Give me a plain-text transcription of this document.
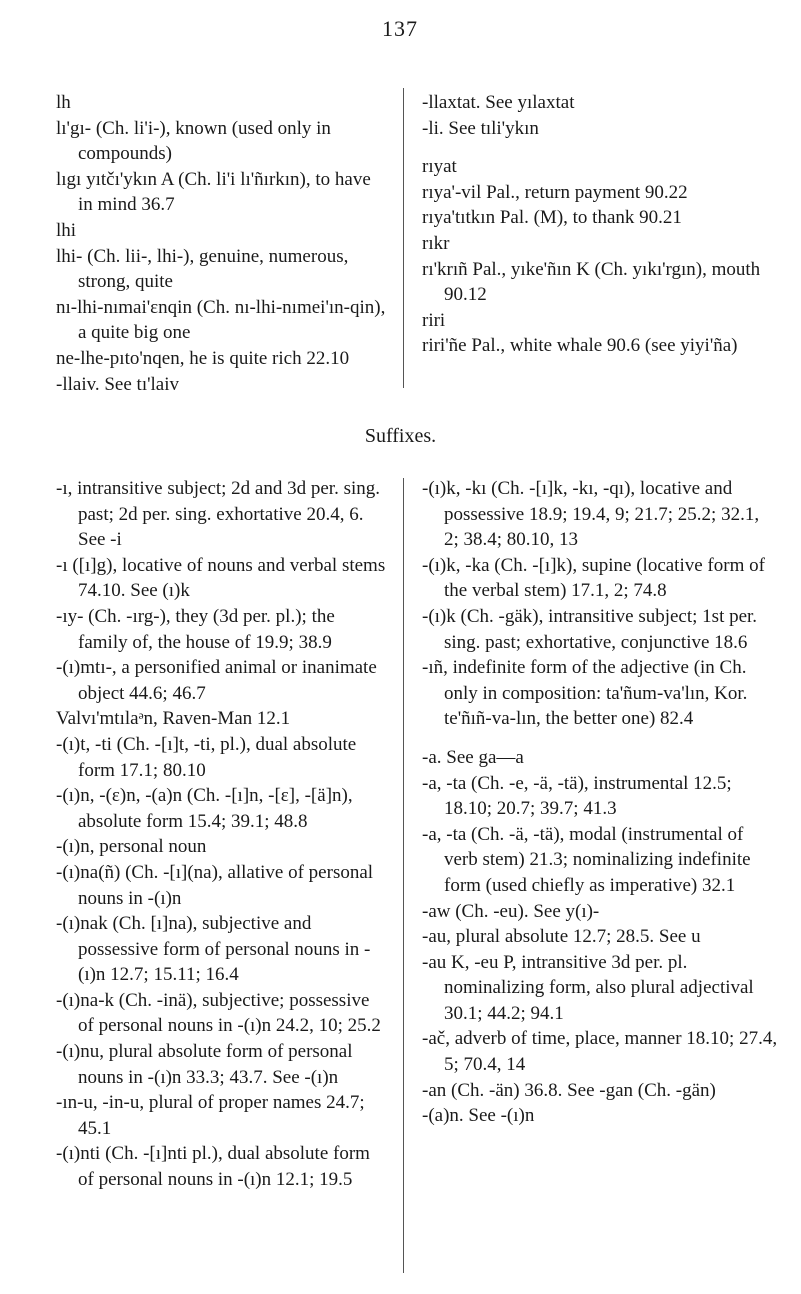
137

lh

lı'gı- (Ch. li'i-), known (used only in compounds)

lıgı yıtčı'ykın A (Ch. li'i lı'ñırkın), to have in mind 36.7

lhi

lhi- (Ch. lii-, lhi-), genuine, numerous, strong, quite

nı-lhi-nımai'ɛnqin (Ch. nı-lhi-nımei'ın-qin), a quite big one

ne-lhe-pıto'nqen, he is quite rich 22.10

-llaiv. See tı'laiv

-llaxtat. See yılaxtat

-li. See tıli'ykın

rıyat

rıya'-vil Pal., return payment 90.22

rıya'tıtkın Pal. (M), to thank 90.21

rıkr

rı'krıñ Pal., yıke'ñın K (Ch. yıkı'rgın), mouth 90.12

riri

riri'ñe Pal., white whale 90.6 (see yiyi'ña)

Suffixes.

-ı, intransitive subject; 2d and 3d per. sing. past; 2d per. sing. exhortative 20.4, 6. See -i

-ı ([ı]g), locative of nouns and verbal stems 74.10. See (ı)k

-ıy- (Ch. -ırg-), they (3d per. pl.); the family of, the house of 19.9; 38.9

-(ı)mtı-, a personified animal or inanimate object 44.6; 46.7

Valvı'mtılaᵊn, Raven-Man 12.1

-(ı)t, -ti (Ch. -[ı]t, -ti, pl.), dual absolute form 17.1; 80.10

-(ı)n, -(ɛ)n, -(a)n (Ch. -[ı]n, -[ɛ], -[ä]n), absolute form 15.4; 39.1; 48.8

-(ı)n, personal noun

-(ı)na(ñ) (Ch. -[ı](na), allative of personal nouns in -(ı)n

-(ı)nak (Ch. [ı]na), subjective and possessive form of personal nouns in -(ı)n 12.7; 15.11; 16.4

-(ı)na-k (Ch. -inä), subjective; possessive of personal nouns in -(ı)n 24.2, 10; 25.2

-(ı)nu, plural absolute form of personal nouns in -(ı)n 33.3; 43.7. See -(ı)n

-ın-u, -in-u, plural of proper names 24.7; 45.1

-(ı)nti (Ch. -[ı]nti pl.), dual absolute form of personal nouns in -(ı)n 12.1; 19.5

-(ı)k, -kı (Ch. -[ı]k, -kı, -qı), locative and possessive 18.9; 19.4, 9; 21.7; 25.2; 32.1, 2; 38.4; 80.10, 13

-(ı)k, -ka (Ch. -[ı]k), supine (locative form of the verbal stem) 17.1, 2; 74.8

-(ı)k (Ch. -gäk), intransitive subject; 1st per. sing. past; exhortative, conjunctive 18.6

-ıñ, indefinite form of the adjective (in Ch. only in composition: ta'ñum-va'lın, Kor. te'ñıñ-va-lın, the better one) 82.4

-a. See ga—a

-a, -ta (Ch. -e, -ä, -tä), instrumental 12.5; 18.10; 20.7; 39.7; 41.3

-a, -ta (Ch. -ä, -tä), modal (instrumental of verb stem) 21.3; nominalizing indefinite form (used chiefly as imperative) 32.1

-aw (Ch. -eu). See y(ı)-

-au, plural absolute 12.7; 28.5. See u

-au K, -eu P, intransitive 3d per. pl. nominalizing form, also plural adjectival 30.1; 44.2; 94.1

-ač, adverb of time, place, manner 18.10; 27.4, 5; 70.4, 14

-an (Ch. -än) 36.8. See -gan (Ch. -gän)

-(a)n. See -(ı)n
